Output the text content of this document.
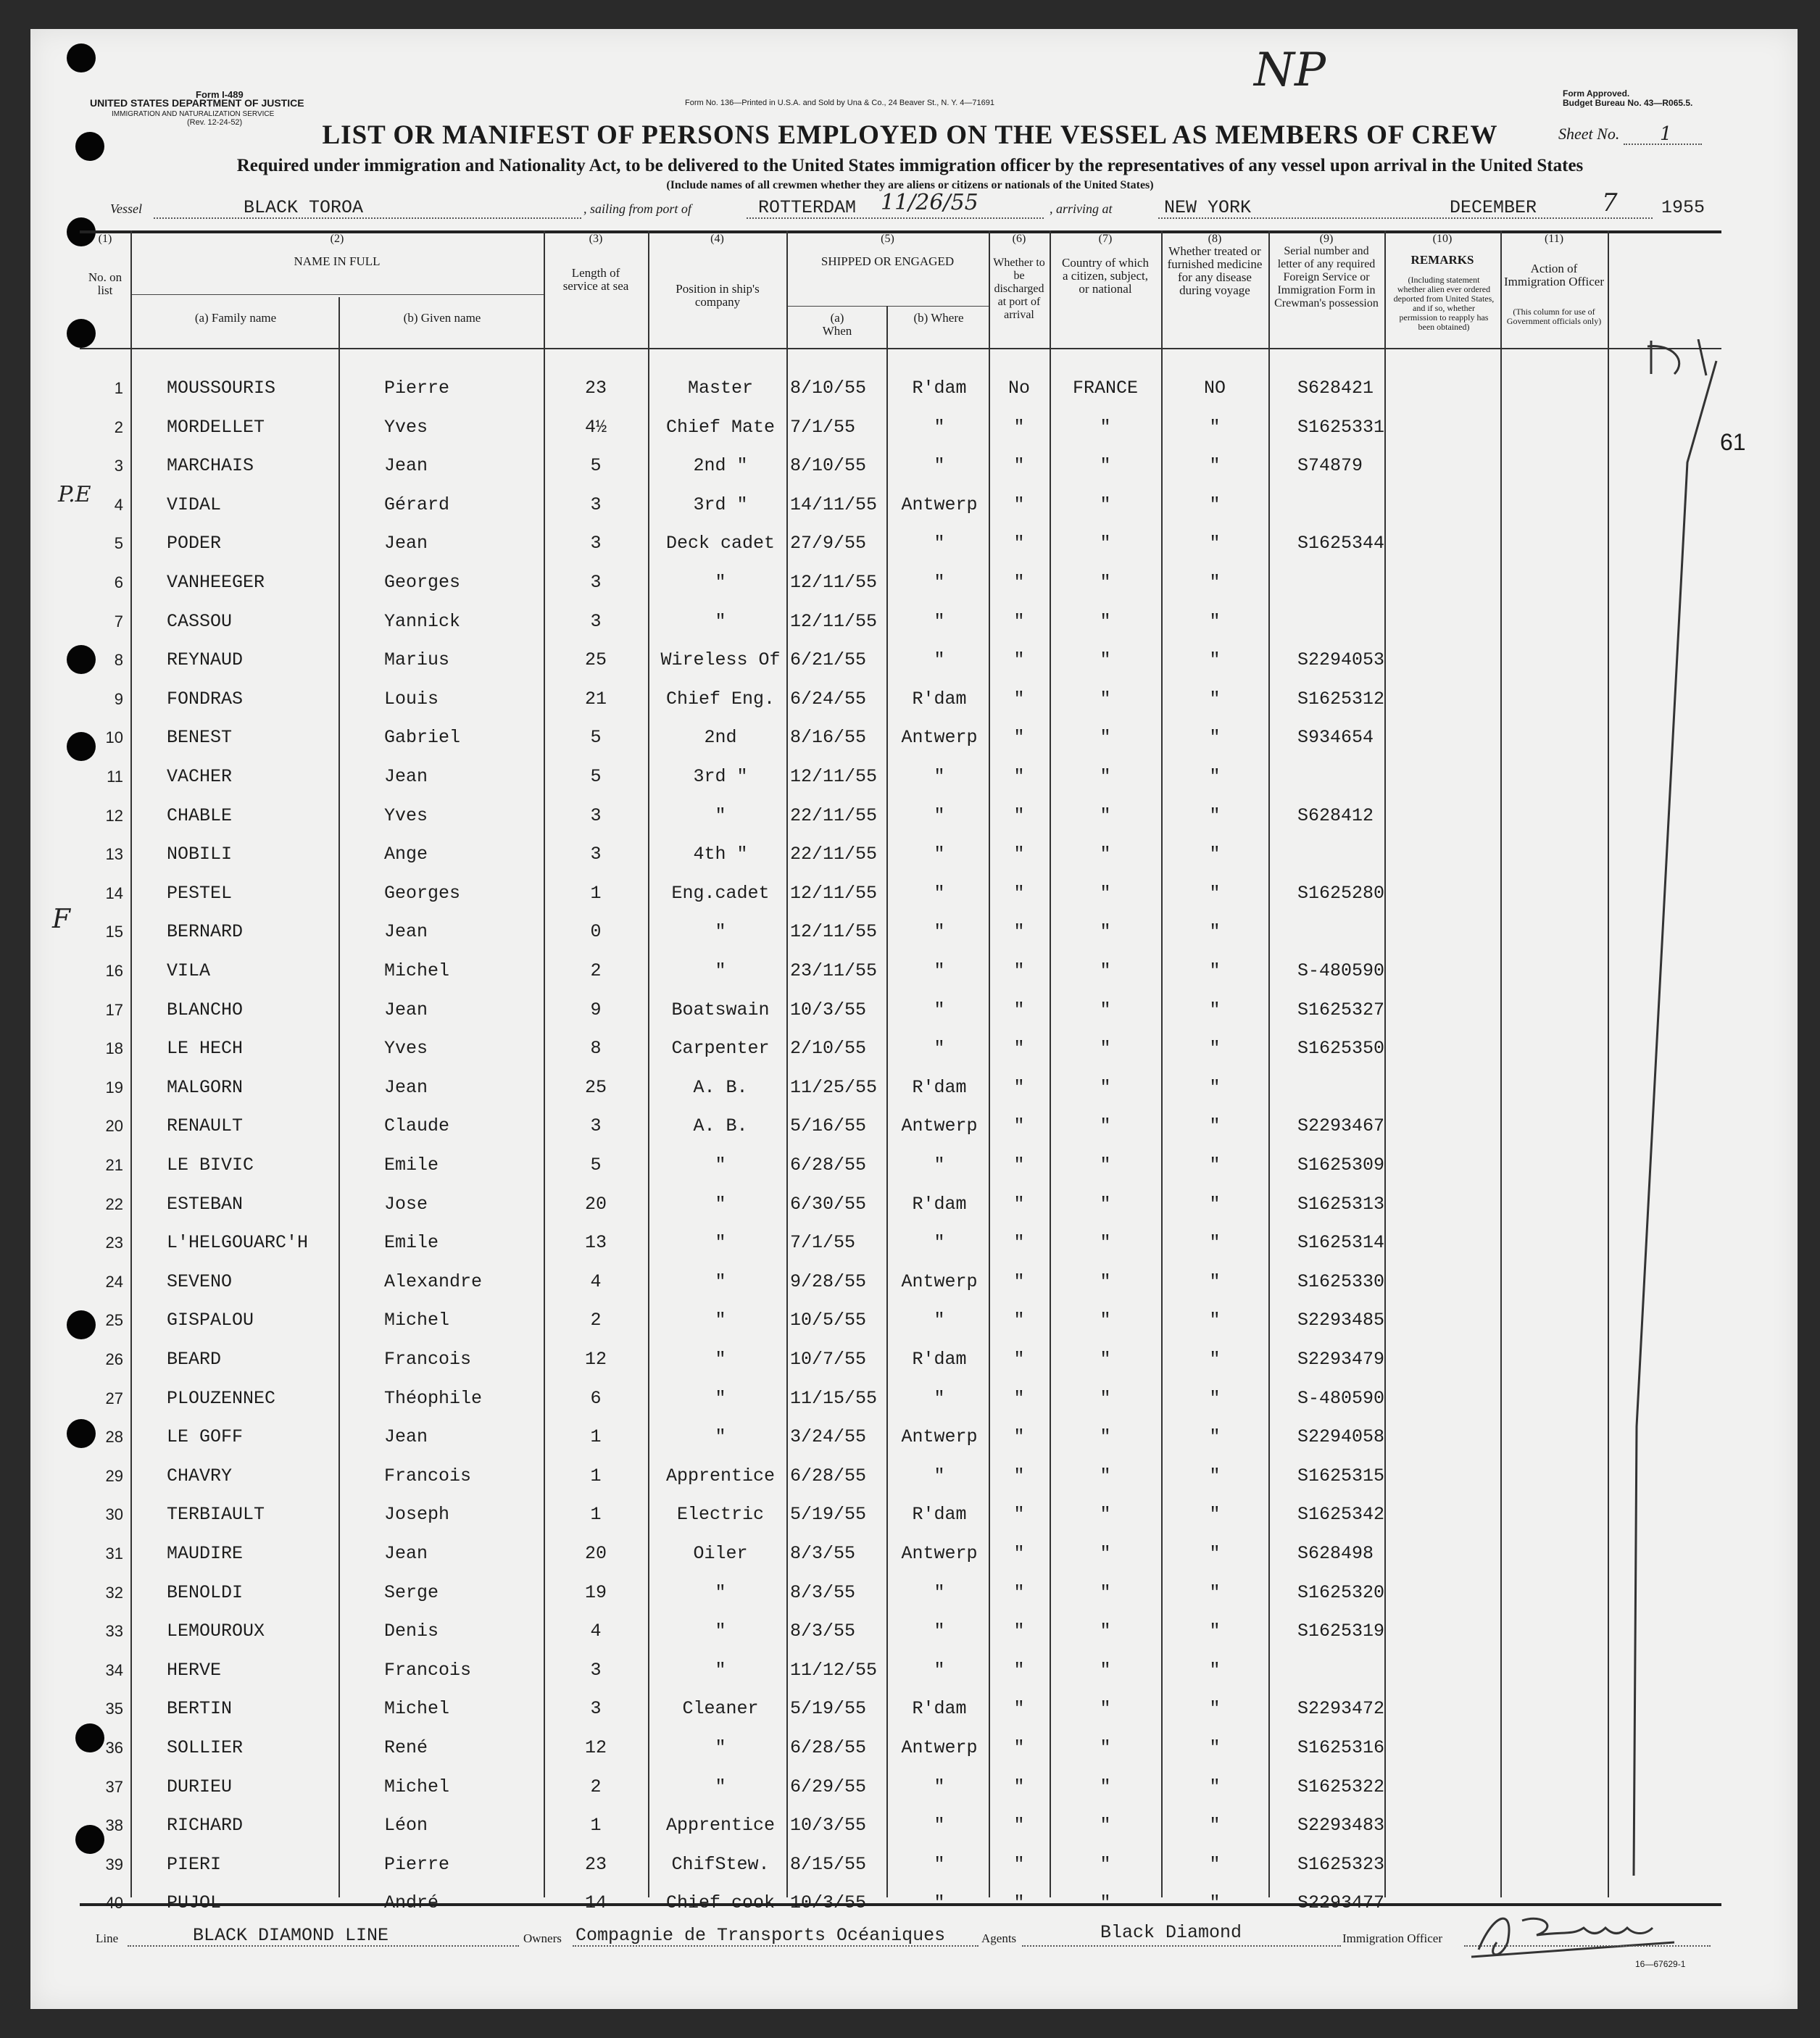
Form I-489
UNITED STATES DEPARTMENT OF JUSTICE
IMMIGRATION AND NATURALIZATION SERVICE
(Rev. 12-24-52)
Form No. 136—Printed in U.S.A. and Sold by Una & Co., 24 Beaver St., N. Y. 4—71691
NP	Form Approved.
Budget Bureau No. 43—R065.5.
LIST OR MANIFEST OF PERSONS EMPLOYED ON THE VESSEL AS MEMBERS OF CREW	Sheet No. 1
Required under immigration and Nationality Act, to be delivered to the United States immigration officer by the representatives of any vessel upon arrival in the United States
(Include names of all crewmen whether they are aliens or citizens or nationals of the United States)
Vessel	BLACK TOROA	, sailing from port of	ROTTERDAM 11/26/55	, arriving at	NEW YORK	DECEMBER	7 1955
(1)	(2)	(3)	(4)	(5)	(6)	(7)	(8)	(9)	(10)	(11)
No. on list
NAME IN FULL
(a) Family name	(b) Given name
Length of service at sea	Position in ship's company
SHIPPED OR ENGAGED
(a) When
(b) Where
Whether to be discharged at port of arrival
Country of which a citizen, subject, or national
Whether treated or furnished medicine for any disease during voyage
Serial number and letter of any required Foreign Service or Immigration Form in Crewman's possession
REMARKS
(Including statement whether alien ever ordered deported from United States, and if so, whether permission to reapply has been obtained)
Action of Immigration Officer
(This column for use of Government officials only)
1 MOUSSOURIS	Pierre	23	Master	8/10/55	R'dam	No	FRANCE	NO	S628421
2 MORDELLET	Yves	4½	Chief Mate 7/1/55	"	"	"	"	S1625331
3 MARCHAIS	Jean	5	2nd "	8/10/55	"	"	"	"	S74879
4 VIDAL	Gérard	3	3rd "	14/11/55	Antwerp	"	"	"
5 PODER	Jean	3	Deck cadet 27/9/55	"	"	"	"	S1625344
6 VANHEEGER	Georges	3	"	12/11/55	"	"	"	"
7 CASSOU	Yannick	3	"	12/11/55	"	"	"	"
8 REYNAUD	Marius	25	Wireless Of 6/21/55	"	"	"	"	S2294053
9 FONDRAS	Louis	21	Chief Eng. 6/24/55	R'dam	"	"	"	S1625312
10 BENEST	Gabriel	5	2nd	8/16/55	Antwerp	"	"	"	S934654
11 VACHER	Jean	5	3rd "	12/11/55	"	"	"	"
12 CHABLE	Yves	3	"	22/11/55	"	"	"	"	S628412
13 NOBILI	Ange	3	4th "	22/11/55	"	"	"	"
14 PESTEL	Georges	1	Eng.cadet	12/11/55	"	"	"	"	S1625280
15 BERNARD	Jean	0	"	12/11/55	"	"	"	"
16 VILA	Michel	2	"	23/11/55	"	"	"	"	S-480590
17 BLANCHO	Jean	9	Boatswain	10/3/55	"	"	"	"	S1625327
18 LE HECH	Yves	8	Carpenter	2/10/55	"	"	"	"	S1625350
19 MALGORN	Jean	25	A. B.	11/25/55	R'dam	"	"	"
20 RENAULT	Claude	3	A. B.	5/16/55	Antwerp	"	"	"	S2293467
21 LE BIVIC	Emile	5	"	6/28/55	"	"	"	"	S1625309
22 ESTEBAN	Jose	20	"	6/30/55	R'dam	"	"	"	S1625313
23 L'HELGOUARC'H	Emile	13	"	7/1/55	"	"	"	"	S1625314
24 SEVENO	Alexandre	4	"	9/28/55	Antwerp	"	"	"	S1625330
25 GISPALOU	Michel	2	"	10/5/55	"	"	"	"	S2293485
26 BEARD	Francois	12	"	10/7/55	R'dam	"	"	"	S2293479
27 PLOUZENNEC	Théophile	6	"	11/15/55	"	"	"	"	S-480590
28 LE GOFF	Jean	1	"	3/24/55	Antwerp	"	"	"	S2294058
29 CHAVRY	Francois	1	Apprentice 6/28/55	"	"	"	"	S1625315
30 TERBIAULT	Joseph	1	Electric	5/19/55	R'dam	"	"	"	S1625342
31 MAUDIRE	Jean	20	Oiler	8/3/55	Antwerp	"	"	"	S628498
32 BENOLDI	Serge	19	"	8/3/55	"	"	"	"	S1625320
33 LEMOUROUX	Denis	4	"	8/3/55	"	"	"	"	S1625319
34 HERVE	Francois	3	"	11/12/55	"	"	"	"
35 BERTIN	Michel	3	Cleaner	5/19/55	R'dam	"	"	"	S2293472
36 SOLLIER	René	12	"	6/28/55	Antwerp	"	"	"	S1625316
37 DURIEU	Michel	2	"	6/29/55	"	"	"	"	S1625322
38 RICHARD	Léon	1	Apprentice 10/3/55	"	"	"	"	S2293483
39 PIERI	Pierre	23	ChifStew.	8/15/55	"	"	"	"	S1625323
40 PUJOL	André	14	Chief cook 10/3/55	"	"	"	"	S2293477
P.E
F
61
Line	BLACK DIAMOND LINE	Owners Compagnie de Transports Océaniques	Agents	Black Diamond	Immigration Officer
16—67629-1
